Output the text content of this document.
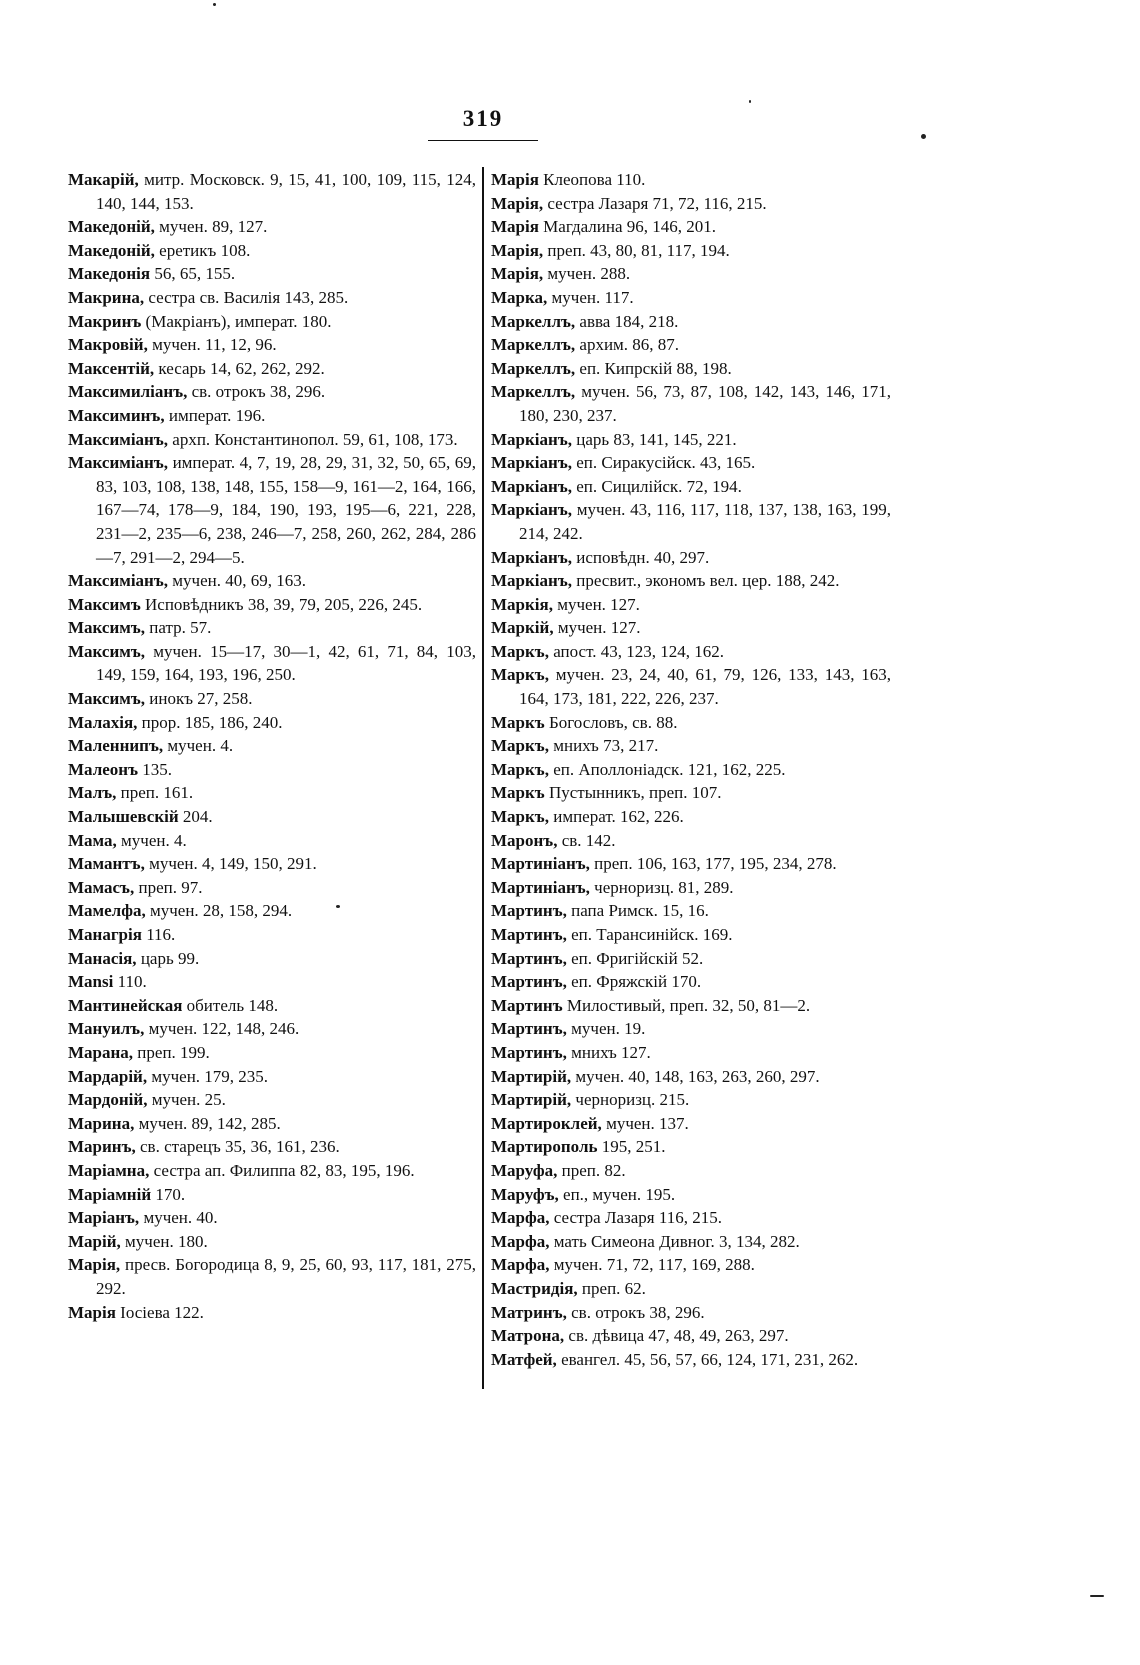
319
Макарій, митр. Московск. 9, 15, 41, 100, 109, 115, 124, 140, 144, 153.
Македоній, мучен. 89, 127.
Македоній, еретикъ 108.
Македонія 56, 65, 155.
Макрина, сестра св. Василія 143, 285.
Макринъ (Макріанъ), императ. 180.
Макровій, мучен. 11, 12, 96.
Максентій, кесарь 14, 62, 262, 292.
Максимиліанъ, св. отрокъ 38, 296.
Максиминъ, императ. 196.
Максиміанъ, архп. Константинопол. 59, 61, 108, 173.
Максиміанъ, императ. 4, 7, 19, 28, 29, 31, 32, 50, 65, 69, 83, 103, 108, 138, 148, 155, 158—9, 161—2, 164, 166, 167—74, 178—9, 184, 190, 193, 195—6, 221, 228, 231—2, 235—6, 238, 246—7, 258, 260, 262, 284, 286—7, 291—2, 294—5.
Максиміанъ, мучен. 40, 69, 163.
Максимъ Исповѣдникъ 38, 39, 79, 205, 226, 245.
Максимъ, патр. 57.
Максимъ, мучен. 15—17, 30—1, 42, 61, 71, 84, 103, 149, 159, 164, 193, 196, 250.
Максимъ, инокъ 27, 258.
Малахія, прор. 185, 186, 240.
Маленнипъ, мучен. 4.
Малеонъ 135.
Малъ, преп. 161.
Малышевскій 204.
Мама, мучен. 4.
Мамантъ, мучен. 4, 149, 150, 291.
Мамасъ, преп. 97.
Мамелфа, мучен. 28, 158, 294.
Манагрія 116.
Манасія, царь 99.
Mansi 110.
Мантинейская обитель 148.
Мануилъ, мучен. 122, 148, 246.
Марана, преп. 199.
Мардарій, мучен. 179, 235.
Мардоній, мучен. 25.
Марина, мучен. 89, 142, 285.
Маринъ, св. старецъ 35, 36, 161, 236.
Маріамна, сестра ап. Филиппа 82, 83, 195, 196.
Маріамній 170.
Маріанъ, мучен. 40.
Марій, мучен. 180.
Марія, пресв. Богородица 8, 9, 25, 60, 93, 117, 181, 275, 292.
Марія Іосіева 122.
Марія Клеопова 110.
Марія, сестра Лазаря 71, 72, 116, 215.
Марія Магдалина 96, 146, 201.
Марія, преп. 43, 80, 81, 117, 194.
Марія, мучен. 288.
Марка, мучен. 117.
Маркеллъ, авва 184, 218.
Маркеллъ, архим. 86, 87.
Маркеллъ, еп. Кипрскій 88, 198.
Маркеллъ, мучен. 56, 73, 87, 108, 142, 143, 146, 171, 180, 230, 237.
Маркіанъ, царь 83, 141, 145, 221.
Маркіанъ, еп. Сиракусійск. 43, 165.
Маркіанъ, еп. Сицилійск. 72, 194.
Маркіанъ, мучен. 43, 116, 117, 118, 137, 138, 163, 199, 214, 242.
Маркіанъ, исповѣдн. 40, 297.
Маркіанъ, пресвит., экономъ вел. цер. 188, 242.
Маркія, мучен. 127.
Маркій, мучен. 127.
Маркъ, апост. 43, 123, 124, 162.
Маркъ, мучен. 23, 24, 40, 61, 79, 126, 133, 143, 163, 164, 173, 181, 222, 226, 237.
Маркъ Богословъ, св. 88.
Маркъ, мнихъ 73, 217.
Маркъ, еп. Аполлоніадск. 121, 162, 225.
Маркъ Пустынникъ, преп. 107.
Маркъ, императ. 162, 226.
Маронъ, св. 142.
Мартиніанъ, преп. 106, 163, 177, 195, 234, 278.
Мартиніанъ, черноризц. 81, 289.
Мартинъ, папа Римск. 15, 16.
Мартинъ, еп. Тарансинійск. 169.
Мартинъ, еп. Фригійскій 52.
Мартинъ, еп. Фряжскій 170.
Мартинъ Милостивый, преп. 32, 50, 81—2.
Мартинъ, мучен. 19.
Мартинъ, мнихъ 127.
Мартирій, мучен. 40, 148, 163, 263, 260, 297.
Мартирій, черноризц. 215.
Мартироклей, мучен. 137.
Мартирополь 195, 251.
Маруфа, преп. 82.
Маруфъ, еп., мучен. 195.
Марфа, сестра Лазаря 116, 215.
Марфа, мать Симеона Дивног. 3, 134, 282.
Марфа, мучен. 71, 72, 117, 169, 288.
Мастридія, преп. 62.
Матринъ, св. отрокъ 38, 296.
Матрона, св. дѣвица 47, 48, 49, 263, 297.
Матфей, евангел. 45, 56, 57, 66, 124, 171, 231, 262.
